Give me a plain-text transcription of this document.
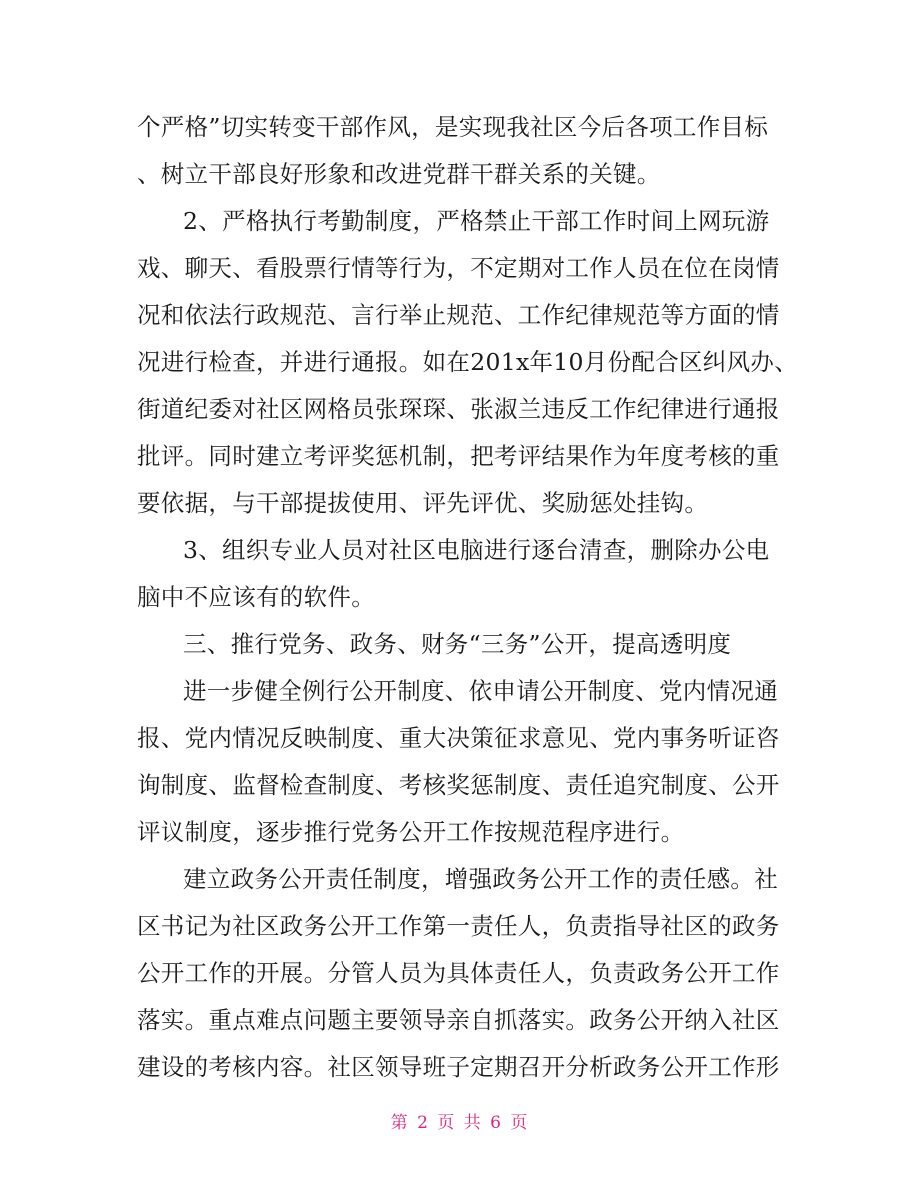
个严格”切实转变干部作风，是实现我社区今后各项工作目标
、树立干部良好形象和改进党群干群关系的关键。
2、严格执行考勤制度，严格禁止干部工作时间上网玩游
戏、聊天、看股票行情等行为，不定期对工作人员在位在岗情
况和依法行政规范、言行举止规范、工作纪律规范等方面的情
况进行检查，并进行通报。如在201x年10月份配合区纠风办、
街道纪委对社区网格员张琛琛、张淑兰违反工作纪律进行通报
批评。同时建立考评奖惩机制，把考评结果作为年度考核的重
要依据，与干部提拔使用、评先评优、奖励惩处挂钩。
3、组织专业人员对社区电脑进行逐台清查，删除办公电
脑中不应该有的软件。
三、推行党务、政务、财务“三务”公开，提高透明度
进一步健全例行公开制度、依申请公开制度、党内情况通
报、党内情况反映制度、重大决策征求意见、党内事务听证咨
询制度、监督检查制度、考核奖惩制度、责任追究制度、公开
评议制度，逐步推行党务公开工作按规范程序进行。
建立政务公开责任制度，增强政务公开工作的责任感。社
区书记为社区政务公开工作第一责任人，负责指导社区的政务
公开工作的开展。分管人员为具体责任人，负责政务公开工作
落实。重点难点问题主要领导亲自抓落实。政务公开纳入社区
建设的考核内容。社区领导班子定期召开分析政务公开工作形
第 2 页 共 6 页
